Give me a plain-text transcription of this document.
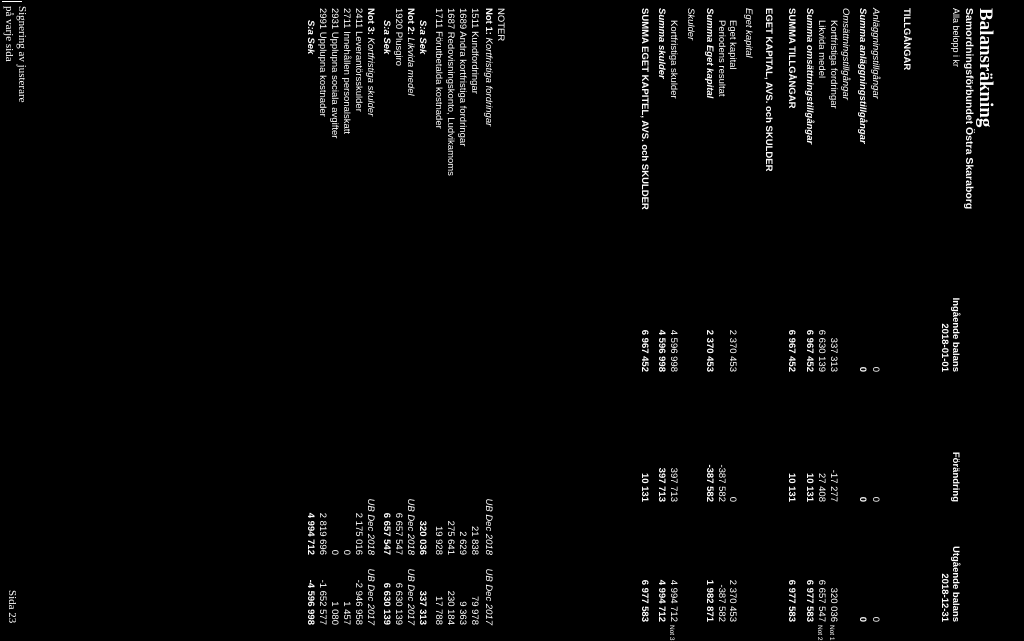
Balansräkning
Samordningsförbundet Östra Skaraborg
Alla belopp i kr
Ingående balans
2018-01-01
Förändring
Utgående balans
2018-12-31
TILLGÅNGAR
Anläggningstillgångar
0
0
0
Summa anläggningstillgångar
0
0
0
Omsättningstillgångar
Kortfristiga fordringar
337 313
-17 277
320 036
Not 1
Likvida medel
6 630 139
27 408
6 657 547
Not 2
Summa omsättningstillgångar
6 967 452
10 131
6 977 583
SUMMA TILLGÅNGAR
6 967 452
10 131
6 977 583
EGET KAPITAL, AVS. och SKULDER
Eget kapital
Eget kapital
2 370 453
0
2 370 453
Periodens resultat
-387 582
-387 582
Summa Eget kapital
2 370 453
-387 582
1 982 871
Skulder
Kortfristiga skulder
4 596 998
397 713
4 994 712
Not 3
Summa skulder
4 596 998
397 713
4 994 712
SUMMA EGET KAPITEL, AVS. och SKULDER
6 967 452
10 131
6 977 583
NOTER
Not 1: Kortfristiga fordringar
UB Dec 2018
UB Dec 2017
1511 Kundfordringar
21 838
79 978
1689 Andra kortfristiga fordringar
2 629
9 363
1687 Redovisningskonto, Ludvikamoms
275 641
230 184
1711 Förutbetalda kostnader
19 928
17 788
S:a Sek
320 036
337 313
Not 2: Likvida medel
UB Dec 2018
UB Dec 2017
1920 Plusgiro
6 657 547
6 630 139
S:a Sek
6 657 547
6 630 139
Not 3: Kortfristiga skulder
UB Dec 2018
UB Dec 2017
2411 Leverantörsskulder
2 175 016
-2 946 958
2711 Innehållen personalskatt
0
1 457
2931 Upplupna sociala avgifter
0
1 080
2991 Upplupna kostnader
2 819 696
-1 652 577
S:a Sek
4 994 712
-4 596 998
Signering av justerare
på varje sida
Sida 23
